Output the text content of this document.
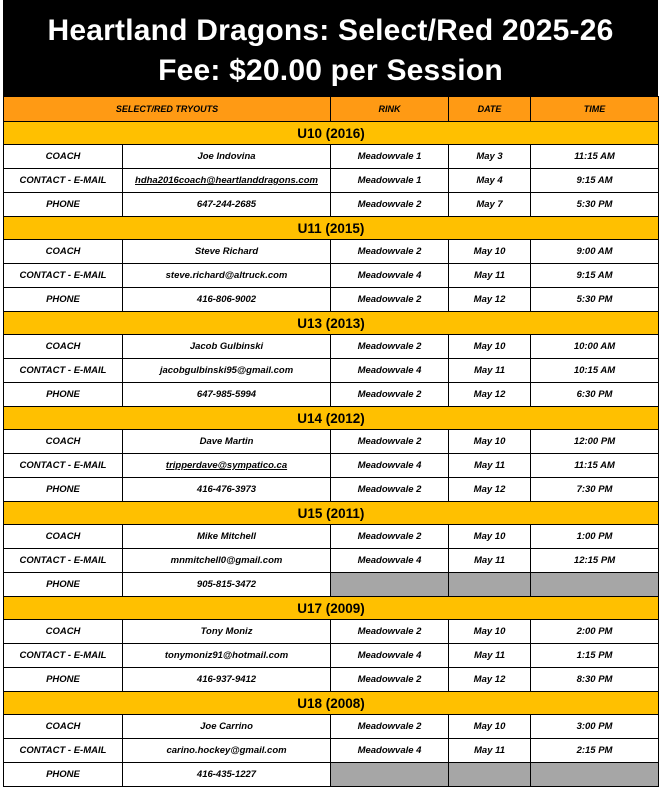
Heartland Dragons: Select/Red 2025-26
Fee: $20.00 per Session
SELECT/RED TRYOUTS		RINK	DATE	TIME
U10 (2016)				
COACH	Joe Indovina	Meadowvale 1	May 3	11:15 AM
CONTACT - E-MAIL	hdha2016coach@heartlanddragons.com	Meadowvale 1	May 4	9:15 AM
PHONE	647-244-2685	Meadowvale 2	May 7	5:30 PM
U11 (2015)				
COACH	Steve Richard	Meadowvale 2	May 10	9:00 AM
CONTACT - E-MAIL	steve.richard@altruck.com	Meadowvale 4	May 11	9:15 AM
PHONE	416-806-9002	Meadowvale 2	May 12	5:30 PM
U13 (2013)				
COACH	Jacob Gulbinski	Meadowvale 2	May 10	10:00 AM
CONTACT - E-MAIL	jacobgulbinski95@gmail.com	Meadowvale 4	May 11	10:15 AM
PHONE	647-985-5994	Meadowvale 2	May 12	6:30 PM
U14 (2012)				
COACH	Dave Martin	Meadowvale 2	May 10	12:00 PM
CONTACT - E-MAIL	tripperdave@sympatico.ca	Meadowvale 4	May 11	11:15 AM
PHONE	416-476-3973	Meadowvale 2	May 12	7:30 PM
U15 (2011)				
COACH	Mike Mitchell	Meadowvale 2	May 10	1:00 PM
CONTACT - E-MAIL	mnmitchell0@gmail.com	Meadowvale 4	May 11	12:15 PM
PHONE	905-815-3472			
U17 (2009)				
COACH	Tony Moniz	Meadowvale 2	May 10	2:00 PM
CONTACT - E-MAIL	tonymoniz91@hotmail.com	Meadowvale 4	May 11	1:15 PM
PHONE	416-937-9412	Meadowvale 2	May 12	8:30 PM
U18 (2008)				
COACH	Joe Carrino	Meadowvale 2	May 10	3:00 PM
CONTACT - E-MAIL	carino.hockey@gmail.com	Meadowvale 4	May 11	2:15 PM
PHONE	416-435-1227			
